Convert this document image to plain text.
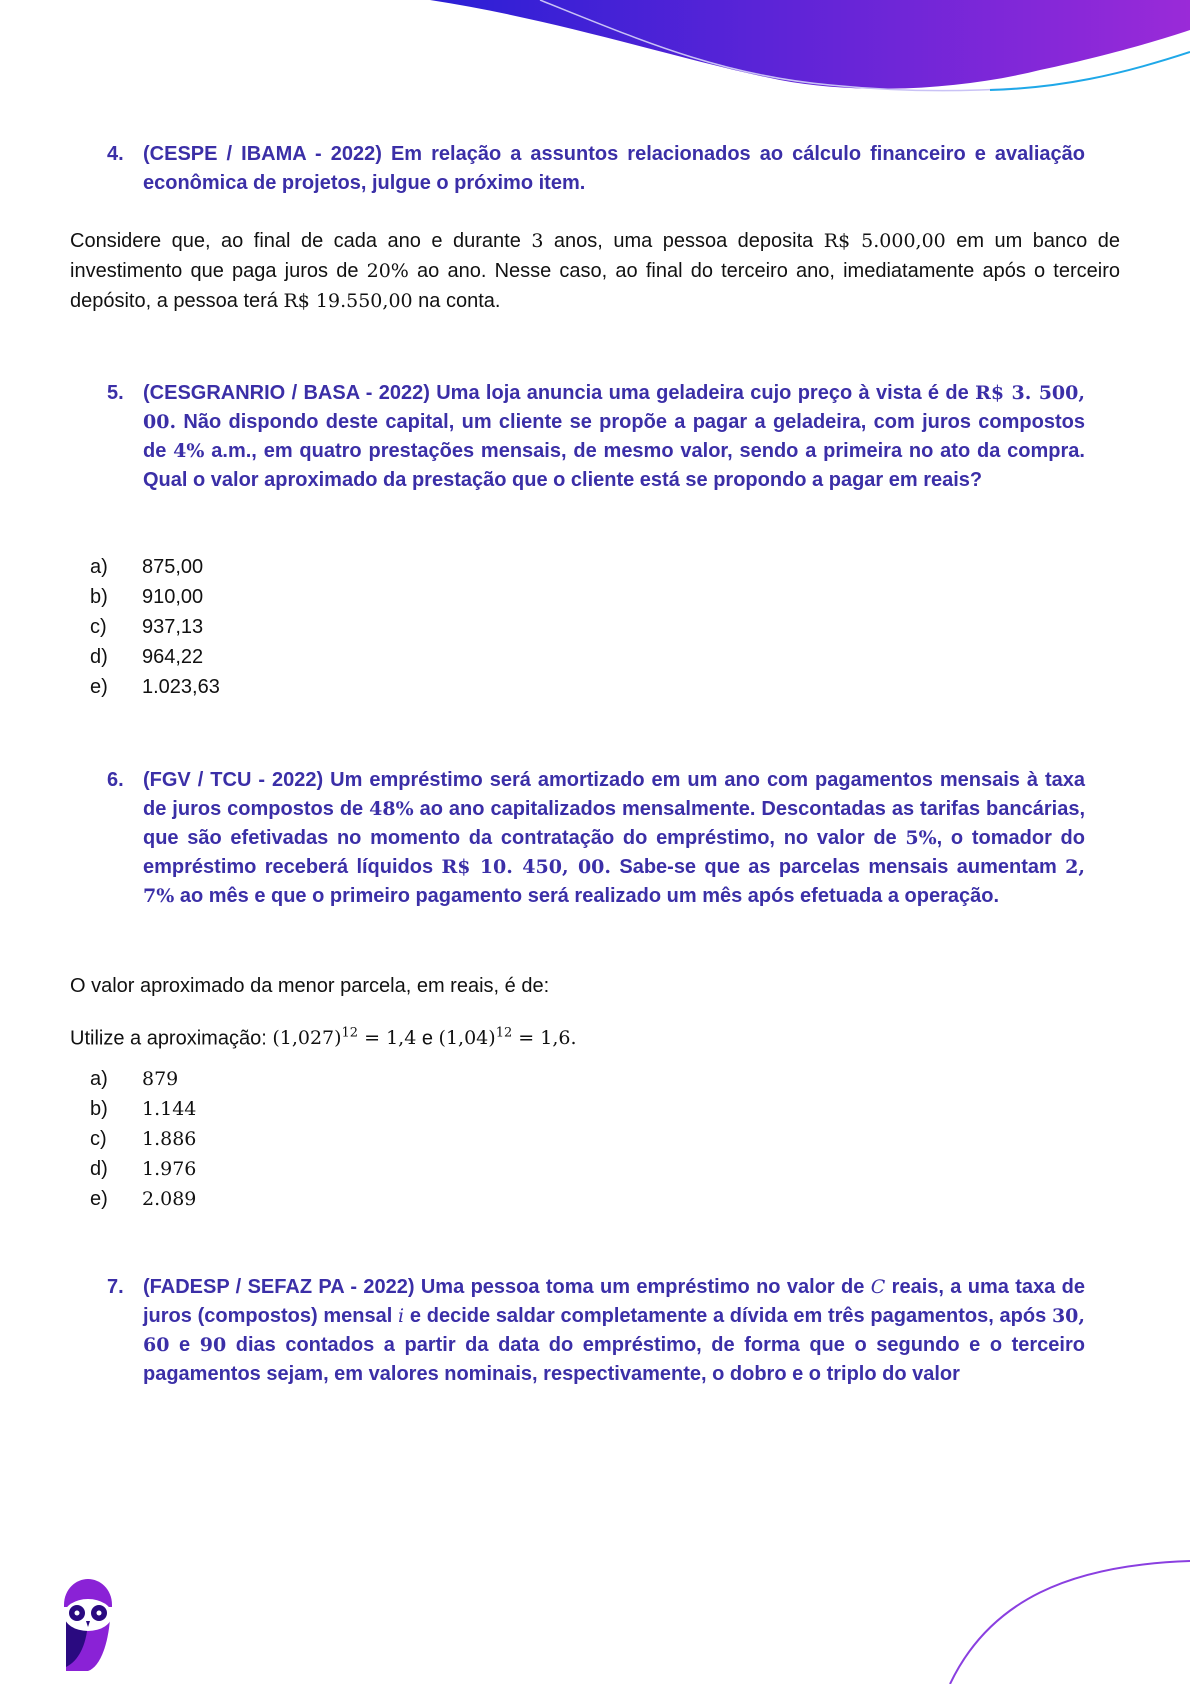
4. (CESPE / IBAMA - 2022) Em relação a assuntos relacionados ao cálculo financeiro e avaliação econômica de projetos, julgue o próximo item.
Considere que, ao final de cada ano e durante 3 anos, uma pessoa deposita R$ 5.000,00 em um banco de investimento que paga juros de 20% ao ano. Nesse caso, ao final do terceiro ano, imediatamente após o terceiro depósito, a pessoa terá R$ 19.550,00 na conta.
5. (CESGRANRIO / BASA - 2022) Uma loja anuncia uma geladeira cujo preço à vista é de R$ 3. 500, 00. Não dispondo deste capital, um cliente se propõe a pagar a geladeira, com juros compostos de 4% a.m., em quatro prestações mensais, de mesmo valor, sendo a primeira no ato da compra. Qual o valor aproximado da prestação que o cliente está se propondo a pagar em reais?
a)	875,00
b)	910,00
c)	937,13
d)	964,22
e)	1.023,63
6. (FGV / TCU - 2022) Um empréstimo será amortizado em um ano com pagamentos mensais à taxa de juros compostos de 48% ao ano capitalizados mensalmente. Descontadas as tarifas bancárias, que são efetivadas no momento da contratação do empréstimo, no valor de 5%, o tomador do empréstimo receberá líquidos R$ 10. 450, 00. Sabe-se que as parcelas mensais aumentam 2, 7% ao mês e que o primeiro pagamento será realizado um mês após efetuada a operação.
O valor aproximado da menor parcela, em reais, é de:
Utilize a aproximação: $(1,027)^{12} = 1,4$ e $(1,04)^{12} = 1,6$.
a)	879
b)	1.144
c)	1.886
d)	1.976
e)	2.089
7. (FADESP / SEFAZ PA - 2022) Uma pessoa toma um empréstimo no valor de C reais, a uma taxa de juros (compostos) mensal i e decide saldar completamente a dívida em três pagamentos, após 30, 60 e 90 dias contados a partir da data do empréstimo, de forma que o segundo e o terceiro pagamentos sejam, em valores nominais, respectivamente, o dobro e o triplo do valor
